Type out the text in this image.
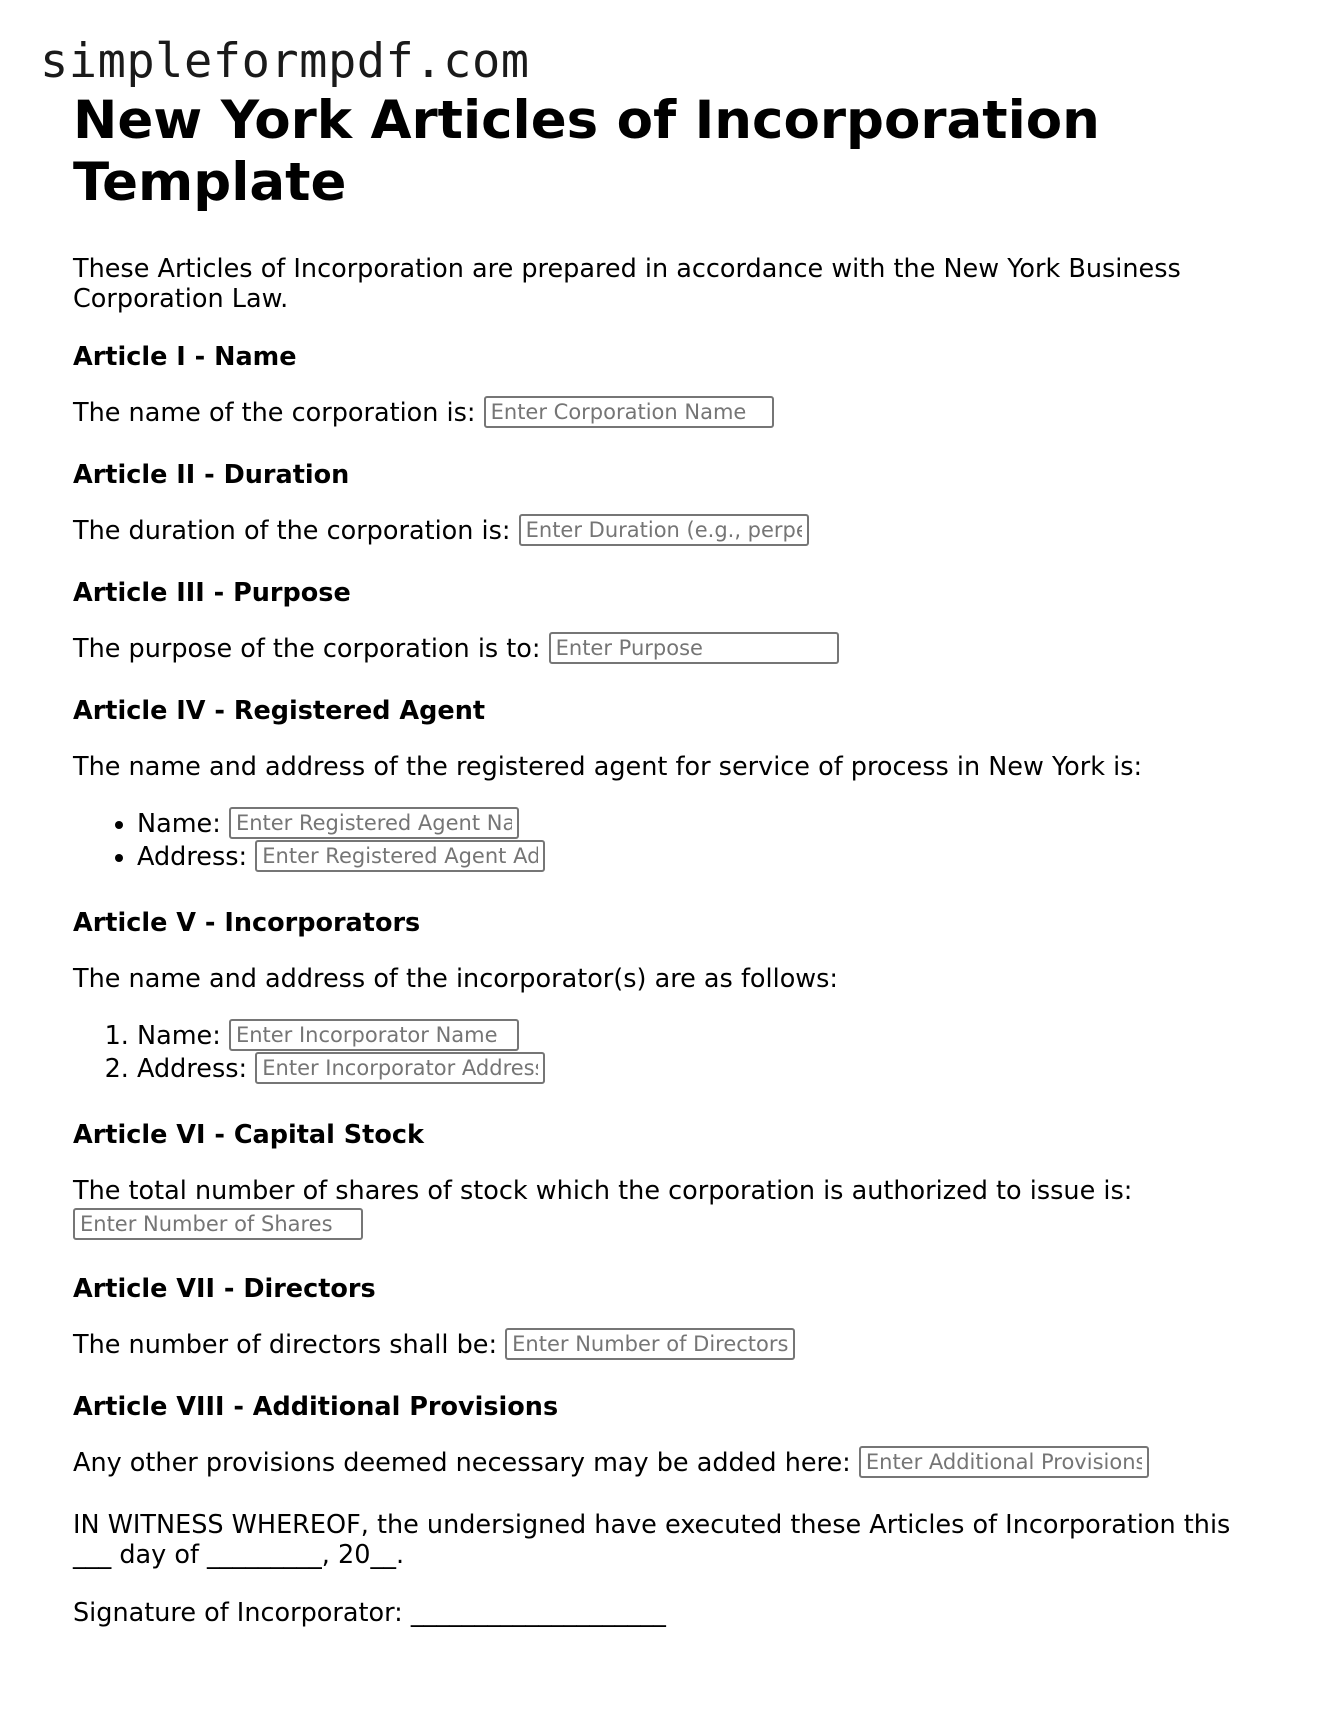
simpleformpdf.com
New York Articles of Incorporation Template

These Articles of Incorporation are prepared in accordance with the New York Business Corporation Law.

Article I - Name

The name of the corporation is: Enter Corporation Name

Article II - Duration

The duration of the corporation is: Enter Duration (e.g., perpetual)

Article III - Purpose

The purpose of the corporation is to: Enter Purpose

Article IV - Registered Agent

The name and address of the registered agent for service of process in New York is:

• Name: Enter Registered Agent Name
• Address: Enter Registered Agent Address
Article V - Incorporators

The name and address of the incorporator(s) are as follows:

1. Name: Enter Incorporator Name
2. Address: Enter Incorporator Address
Article VI - Capital Stock
The total number of shares of stock which the corporation is authorized to issue is:
Enter Number of Shares
Article VII - Directors

The number of directors shall be: Enter Number of Directors

Article VIII - Additional Provisions

Any other provisions deemed necessary may be added here: Enter Additional Provisions

IN WITNESS WHEREOF, the undersigned have executed these Articles of Incorporation this ___ day of _________, 20__.

Signature of Incorporator: ____________________
